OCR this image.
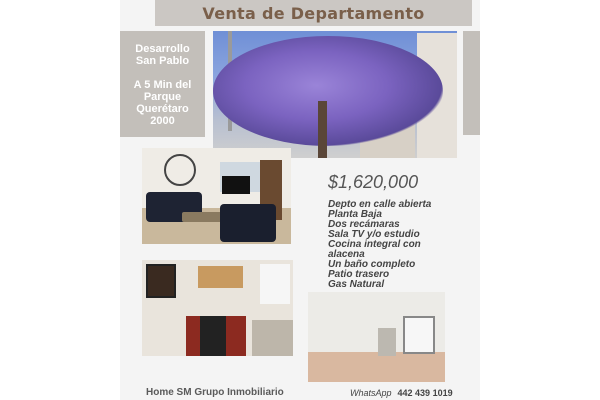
Venta de Departamento
Desarrollo
San Pablo
A 5 Min del
Parque
Querétaro
2000
$1,620,000
Depto en calle abierta
Planta Baja
Dos recámaras
Sala TV y/o estudio
Cocina integral con
alacena
Un baño completo
Patio trasero
Gas Natural
Home SM Grupo Inmobiliario	WhatsApp 442 439 1019
